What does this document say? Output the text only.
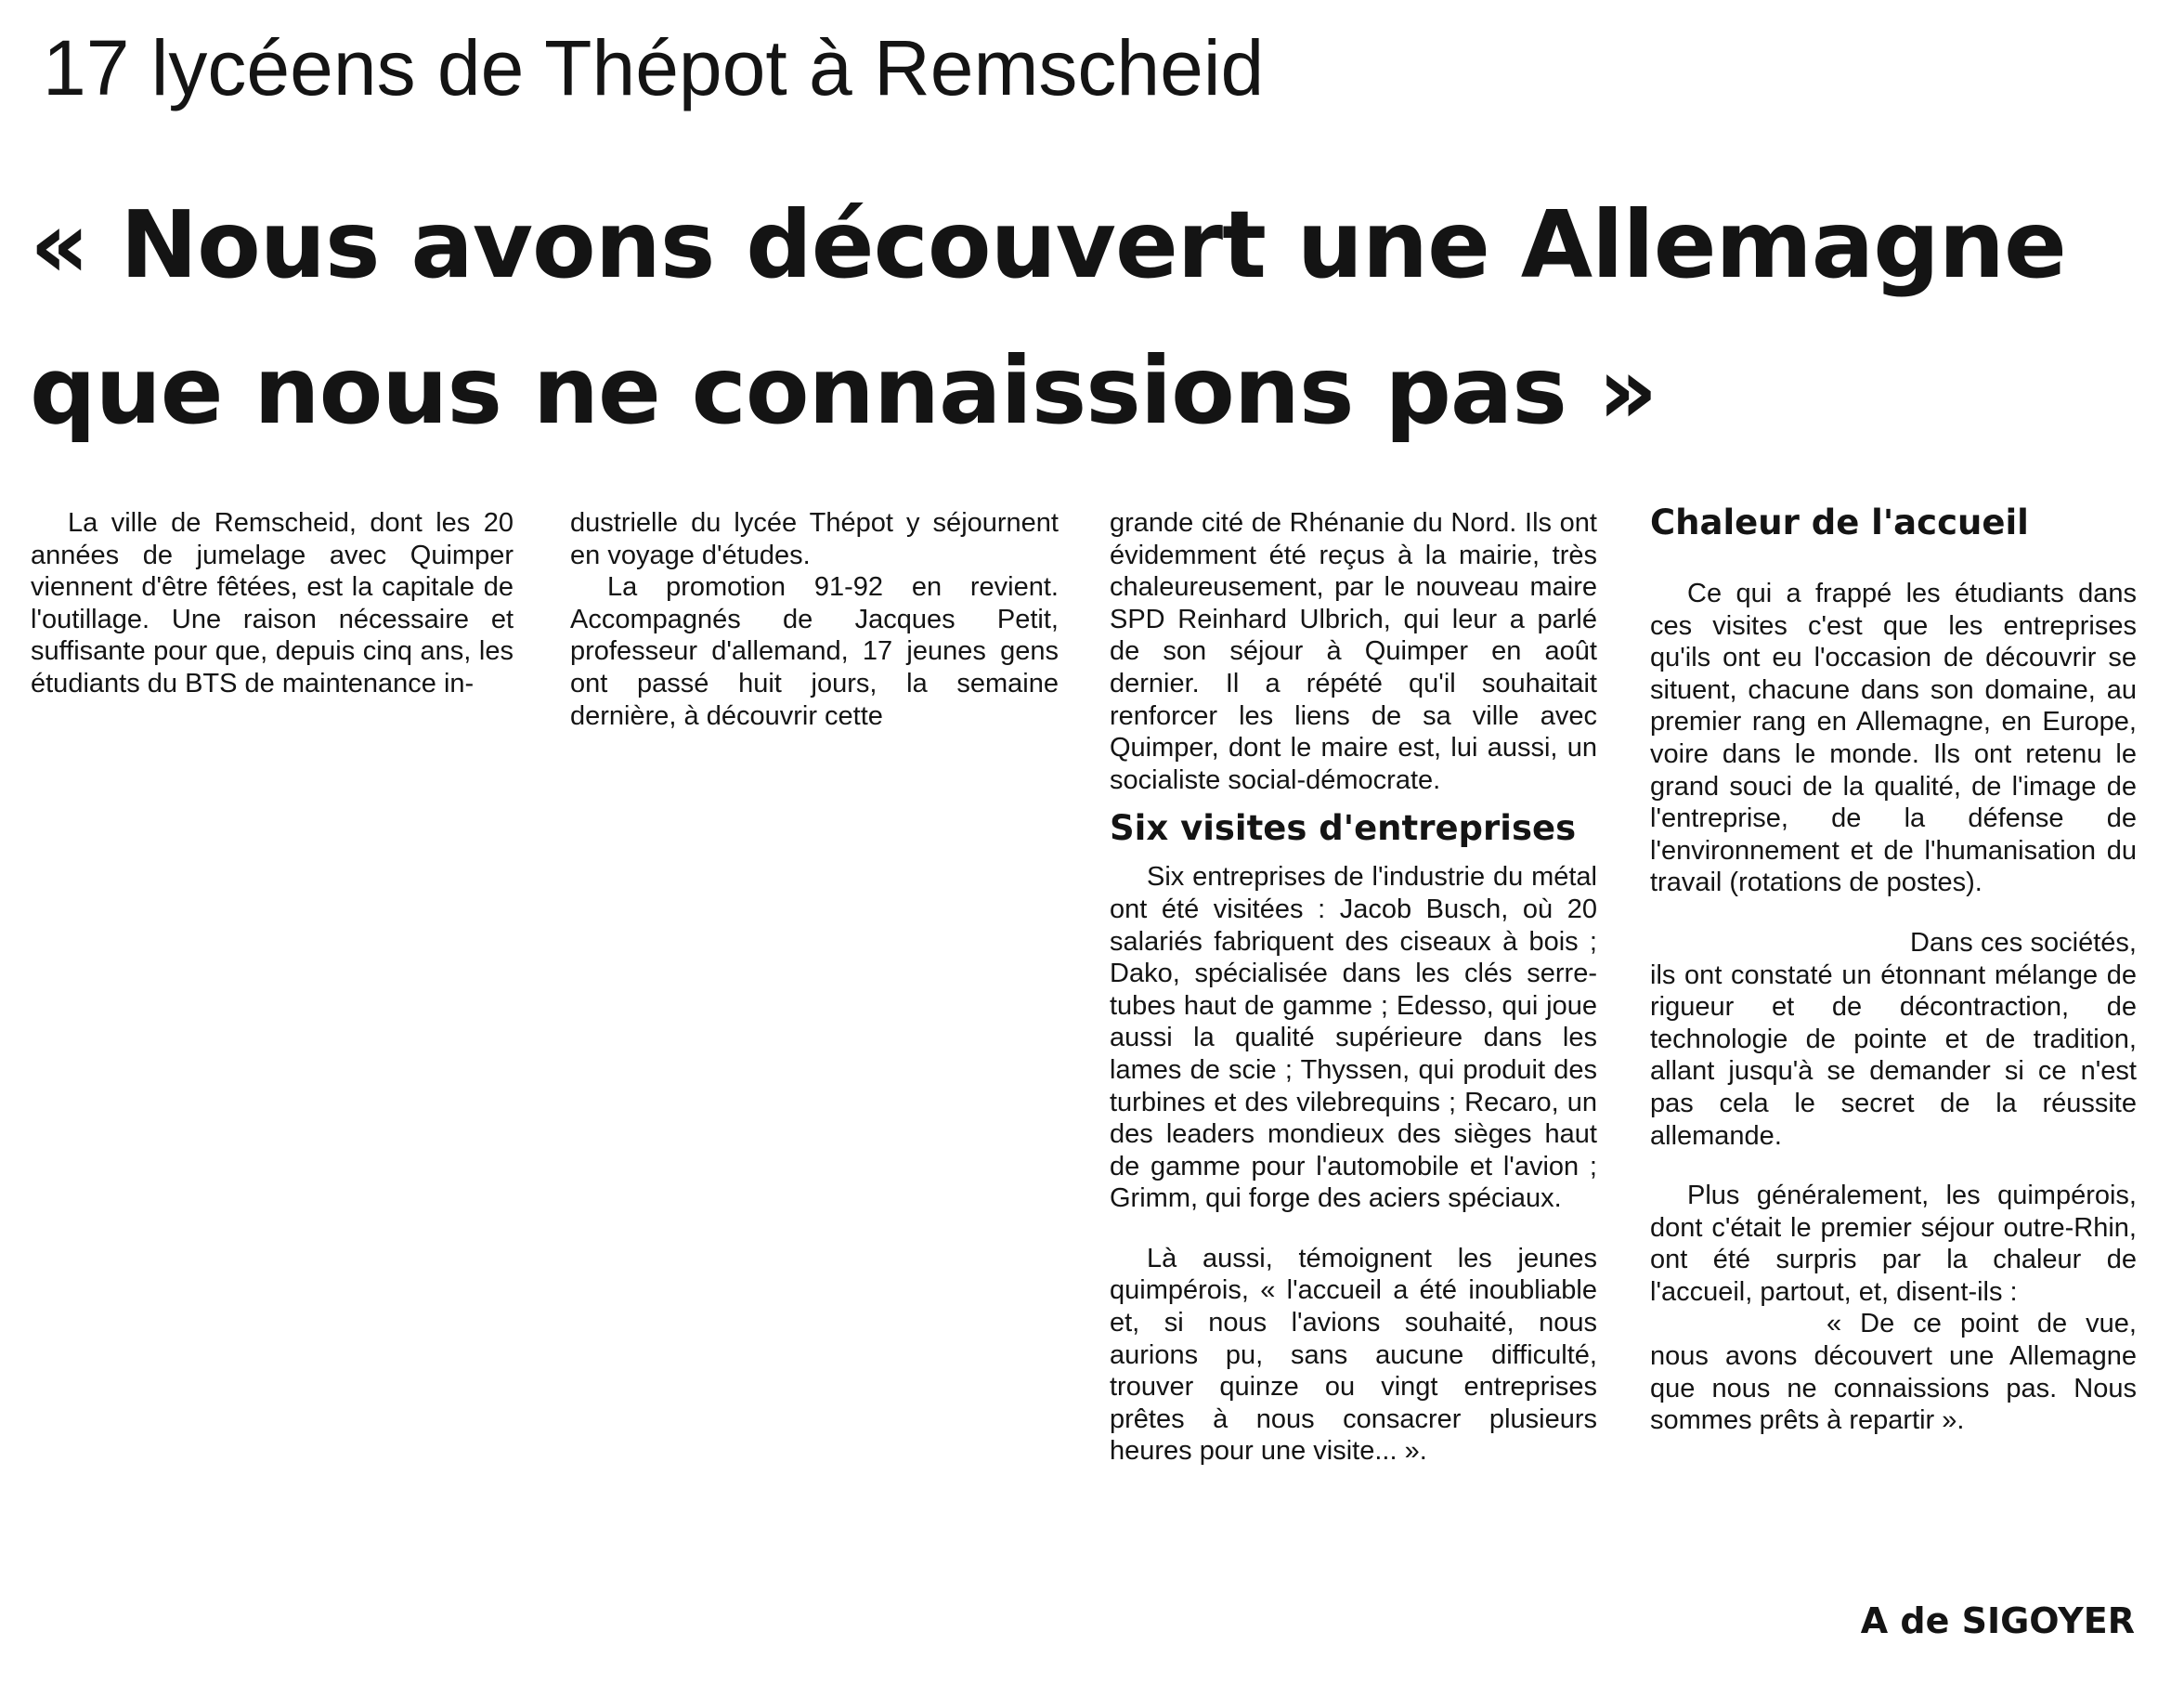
17 lycéens de Thépot à Remscheid
« Nous avons découvert une Allemagne
que nous ne connaissions pas »

La ville de Remscheid, dont les 20 années de jumelage avec Quimper viennent d'être fêtées, est la capitale de l'outillage. Une raison nécessaire et suffisante pour que, depuis cinq ans, les étudiants du BTS de maintenance in-

dustrielle du lycée Thépot y séjournent en voyage d'études.

La promotion 91-92 en revient. Accompagnés de Jacques Petit, professeur d'allemand, 17 jeunes gens ont passé huit jours, la semaine dernière, à découvrir cette

grande cité de Rhénanie du Nord. Ils ont évidemment été reçus à la mairie, très chaleureusement, par le nouveau maire SPD Reinhard Ulbrich, qui leur a parlé de son séjour à Quimper en août dernier. Il a répété qu'il souhaitait renforcer les liens de sa ville avec Quimper, dont le maire est, lui aussi, un socialiste social-démocrate.

Six visites d'entreprises

Six entreprises de l'industrie du métal ont été visitées : Jacob Busch, où 20 salariés fabriquent des ciseaux à bois ; Dako, spécialisée dans les clés serre-tubes haut de gamme ; Edesso, qui joue aussi la qualité supérieure dans les lames de scie ; Thyssen, qui produit des turbines et des vilebrequins ; Recaro, un des leaders mondieux des sièges haut de gamme pour l'automobile et l'avion ; Grimm, qui forge des aciers spéciaux.

Là aussi, témoignent les jeunes quimpérois, « l'accueil a été inoubliable et, si nous l'avions souhaité, nous aurions pu, sans aucune difficulté, trouver quinze ou vingt entreprises prêtes à nous consacrer plusieurs heures pour une visite... ».

Chaleur de l'accueil

Ce qui a frappé les étudiants dans ces visites c'est que les entreprises qu'ils ont eu l'occasion de découvrir se situent, chacune dans son domaine, au premier rang en Allemagne, en Europe, voire dans le monde. Ils ont retenu le grand souci de la qualité, de l'image de l'entreprise, de la défense de l'environnement et de l'humanisation du travail (rotations de postes).

Dans ces sociétés, ils ont constaté un étonnant mélange de rigueur et de décontraction, de technologie de pointe et de tradition, allant jusqu'à se demander si ce n'est pas cela le secret de la réussite allemande.

Plus généralement, les quimpérois, dont c'était le premier séjour outre-Rhin, ont été surpris par la chaleur de l'accueil, partout, et, disent-ils :

« De ce point de vue, nous avons découvert une Allemagne que nous ne connaissions pas. Nous sommes prêts à repartir ».

A de SIGOYER
